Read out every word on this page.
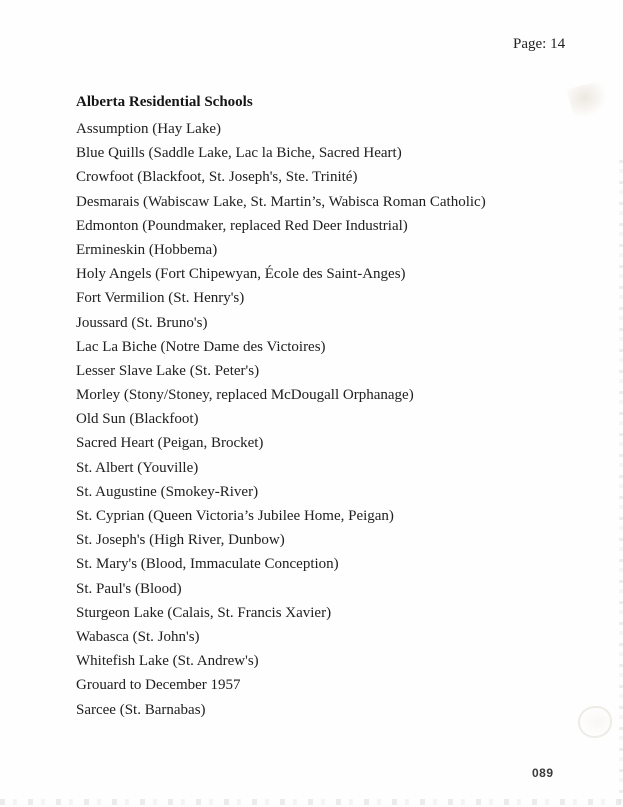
Page: 14
Alberta Residential Schools
Assumption (Hay Lake)
Blue Quills (Saddle Lake, Lac la Biche, Sacred Heart)
Crowfoot (Blackfoot, St. Joseph's, Ste. Trinité)
Desmarais (Wabiscaw Lake, St. Martin’s, Wabisca Roman Catholic)
Edmonton (Poundmaker, replaced Red Deer Industrial)
Ermineskin (Hobbema)
Holy Angels (Fort Chipewyan, École des Saint-Anges)
Fort Vermilion (St. Henry's)
Joussard (St. Bruno's)
Lac La Biche (Notre Dame des Victoires)
Lesser Slave Lake (St. Peter's)
Morley (Stony/Stoney, replaced McDougall Orphanage)
Old Sun (Blackfoot)
Sacred Heart (Peigan, Brocket)
St. Albert (Youville)
St. Augustine (Smokey-River)
St. Cyprian (Queen Victoria’s Jubilee Home, Peigan)
St. Joseph's (High River, Dunbow)
St. Mary's (Blood, Immaculate Conception)
St. Paul's (Blood)
Sturgeon Lake (Calais, St. Francis Xavier)
Wabasca (St. John's)
Whitefish Lake (St. Andrew's)
Grouard to December 1957
Sarcee (St. Barnabas)
089
